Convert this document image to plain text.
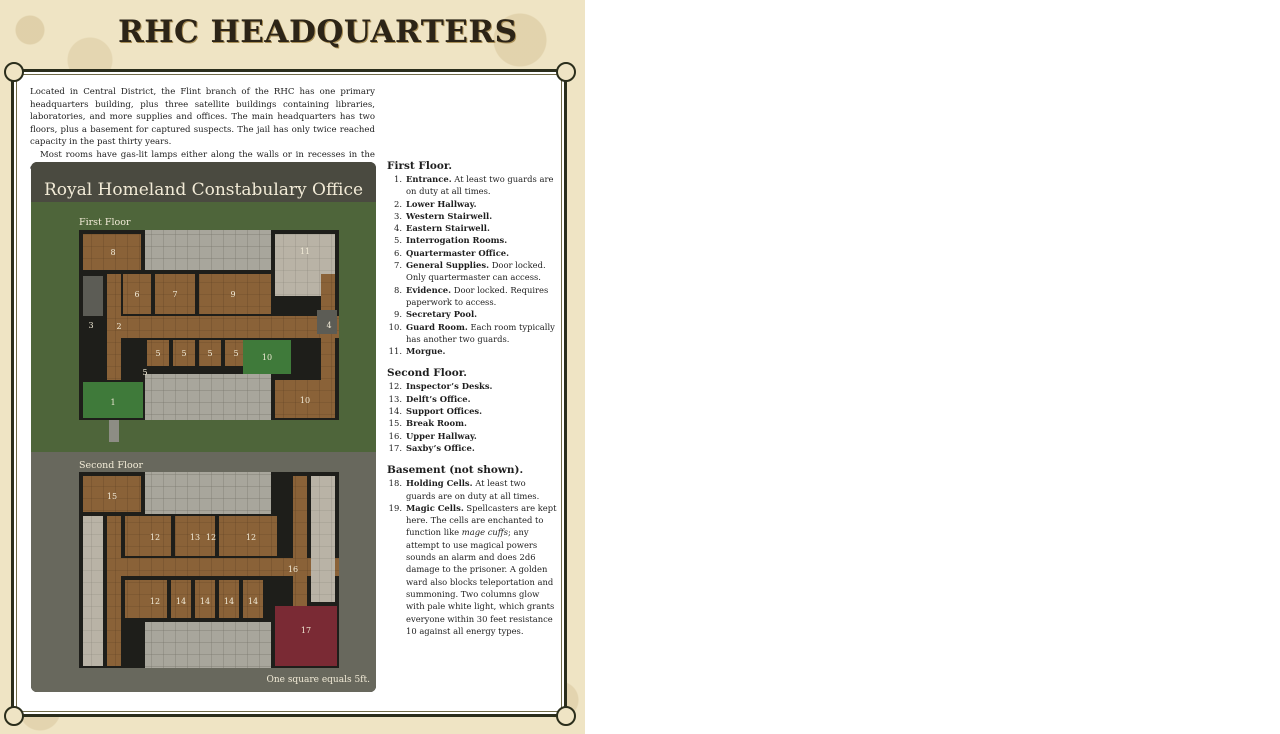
RHC HEADQUARTERS

Located in Central District, the Flint branch of the RHC has one primary headquarters building, plus three satellite buildings containing libraries, laboratories, and more supplies and offices. The main headquarters has two floors, plus a basement for captured suspects. The jail has only twice reached capacity in the past thirty years.

Most rooms have gas-lit lamps either along the walls or in recesses in the

1
2
3	4
5	5	5	5
5
6	7
8
9
10
10
11
12	12	12
12
13
14 14 14 14
15
16
17

Royal Homeland Constabulary Office

First Floor

Second Floor

One square equals 5ft.

First Floor.
1. Entrance. At least two guards are on duty at all times.
2. Lower Hallway.
3. Western Stairwell.
4. Eastern Stairwell.
5. Interrogation Rooms.
6. Quartermaster Office.
7. General Supplies. Door locked. Only quartermaster can access.
8. Evidence. Door locked. Requires paperwork to access.
9. Secretary Pool.
10. Guard Room. Each room typically has another two guards.
11. Morgue.
Second Floor.
12. Inspector’s Desks.
13. Delft’s Office.
14. Support Offices.
15. Break Room.
16. Upper Hallway.
17. Saxby’s Office.
Basement (not shown).
18. Holding Cells. At least two guards are on duty at all times.
19. Magic Cells. Spellcasters are kept here. The cells are enchanted to function like mage cuffs; any attempt to use magical powers sounds an alarm and does 2d6 damage to the prisoner. A golden ward also blocks teleportation and summoning. Two columns glow with pale white light, which grants everyone within 30 feet resistance 10 against all energy types.
